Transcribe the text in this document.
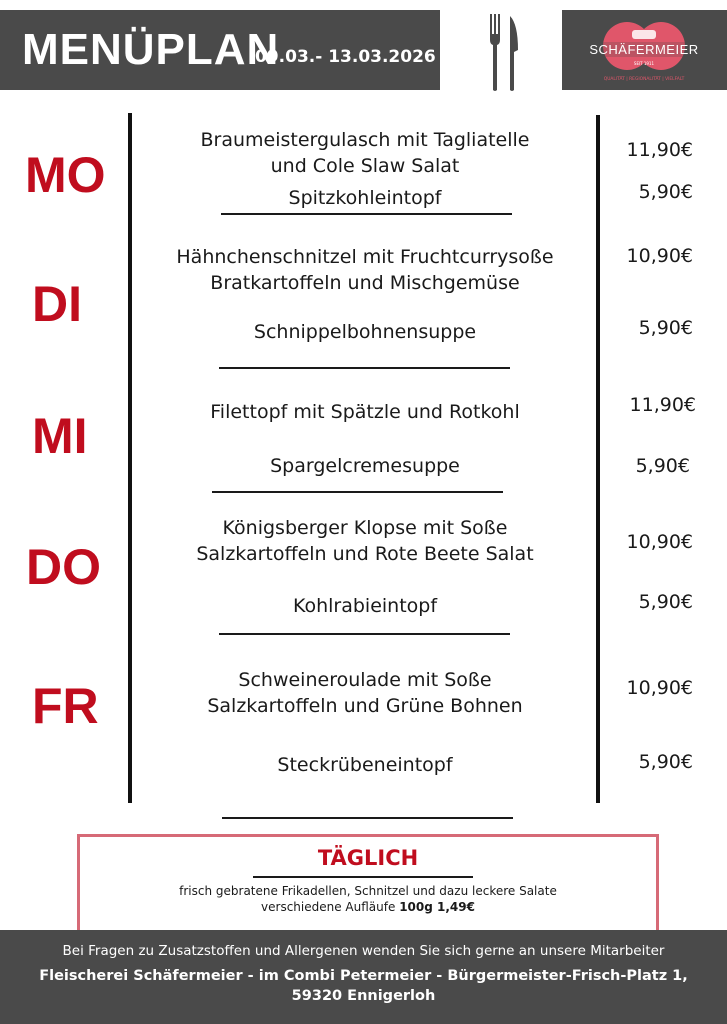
MENÜPLAN
09.03.- 13.03.2026	SCHÄFERMEIER
SEIT 1911
QUALITÄT | REGIONALITÄT | VIELFALT
MO
DI
MI
DO
FR
Braumeistergulasch mit Tagliatelle
und Cole Slaw Salat
Spitzkohleintopf
11,90€
5,90€
Hähnchenschnitzel mit Fruchtcurrysoße
Bratkartoffeln und Mischgemüse
Schnippelbohnensuppe
10,90€
5,90€
Filettopf mit Spätzle und Rotkohl
Spargelcremesuppe
11,90€
5,90€
Königsberger Klopse mit Soße
Salzkartoffeln und Rote Beete Salat
Kohlrabieintopf
10,90€
5,90€
Schweineroulade mit Soße
Salzkartoffeln und Grüne Bohnen
Steckrübeneintopf
10,90€
5,90€
TÄGLICH
frisch gebratene Frikadellen, Schnitzel und dazu leckere Salate
verschiedene Aufläufe 100g 1,49€
Bei Fragen zu Zusatzstoffen und Allergenen wenden Sie sich gerne an unsere Mitarbeiter
Fleischerei Schäfermeier - im Combi Petermeier - Bürgermeister-Frisch-Platz 1,
59320 Ennigerloh
